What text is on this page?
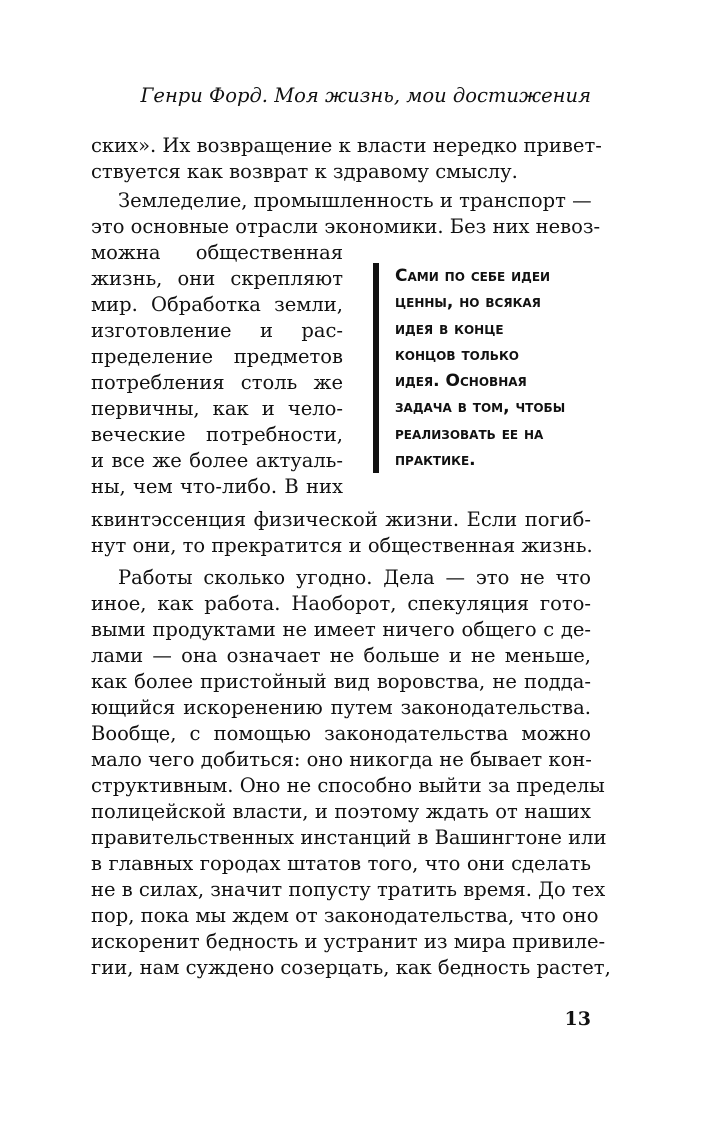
Генри Форд. Моя жизнь, мои достижения
ских». Их возвращение к власти нередко привет-
ствуется как возврат к здравому смыслу.
Земледелие, промышленность и транспорт —
это основные отрасли экономики. Без них невоз-
можна общественная
жизнь, они скрепляют
мир. Обработка земли,
изготовление и рас-
пределение предметов
потребления столь же
первичны, как и чело-
веческие потребности,
и все же более актуаль-
ны, чем что-либо. В них
квинтэссенция физической жизни. Если погиб-
нут они, то прекратится и общественная жизнь.
Работы сколько угодно. Дела — это не что
иное, как работа. Наоборот, спекуляция гото-
выми продуктами не имеет ничего общего с де-
лами — она означает не больше и не меньше,
как более пристойный вид воровства, не подда-
ющийся искоренению путем законодательства.
Вообще, с помощью законодательства можно
мало чего добиться: оно никогда не бывает кон-
структивным. Оно не способно выйти за пределы
полицейской власти, и поэтому ждать от наших
правительственных инстанций в Вашингтоне или
в главных городах штатов того, что они сделать
не в силах, значит попусту тратить время. До тех
пор, пока мы ждем от законодательства, что оно
искоренит бедность и устранит из мира привиле-
гии, нам суждено созерцать, как бедность растет,
Сами по себе идеи
ценны, но всякая
идея в конце
концов только
идея. Основная
задача в том, чтобы
реализовать ее на
практике.
13
